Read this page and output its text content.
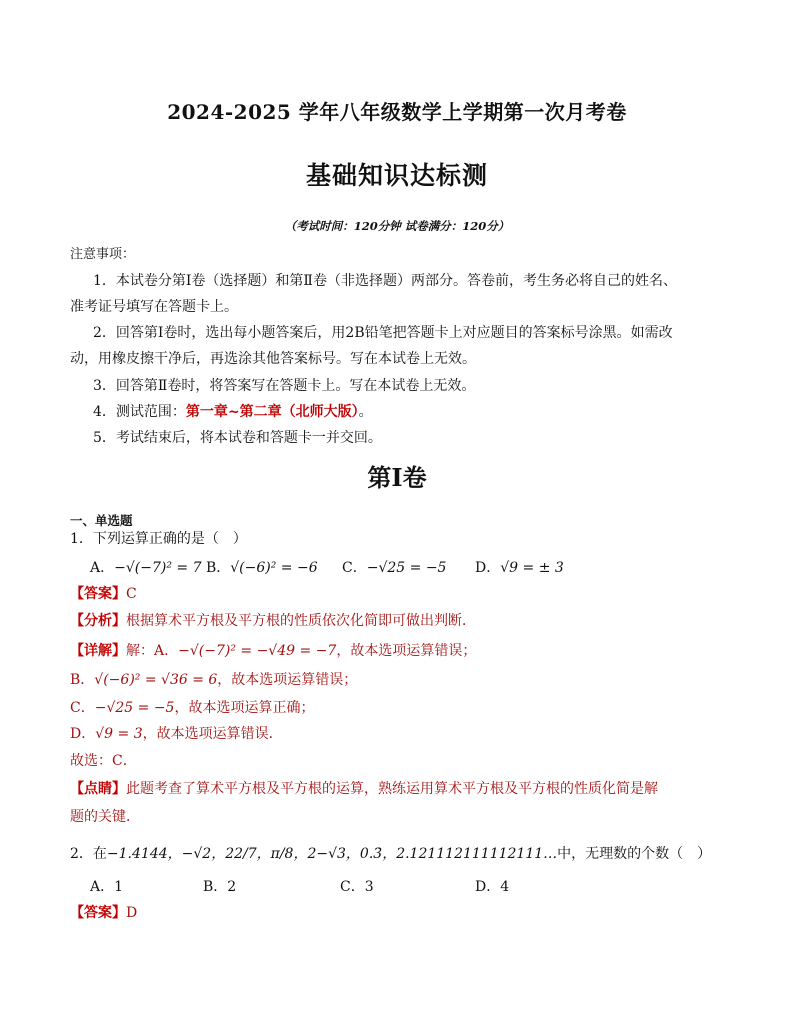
2024-2025 学年八年级数学上学期第一次月考卷
基础知识达标测
（考试时间：120分钟 试卷满分：120分）
注意事项：
1．本试卷分第Ⅰ卷（选择题）和第Ⅱ卷（非选择题）两部分。答卷前，考生务必将自己的姓名、
准考证号填写在答题卡上。
2．回答第Ⅰ卷时，选出每小题答案后，用2B铅笔把答题卡上对应题目的答案标号涂黑。如需改
动，用橡皮擦干净后，再选涂其他答案标号。写在本试卷上无效。
3．回答第Ⅱ卷时，将答案写在答题卡上。写在本试卷上无效。
4．测试范围：第一章~第二章（北师大版）。
5．考试结束后，将本试卷和答题卡一并交回。
第Ⅰ卷
一、单选题
1．下列运算正确的是（　）
A．−√(−7)² = 7 B．√(−6)² = −6 C．−√25 = −5 D．√9 = ± 3
【答案】C
【分析】根据算术平方根及平方根的性质依次化简即可做出判断．
【详解】解：A．−√(−7)² = −√49 = −7，故本选项运算错误；
B．√(−6)² = √36 = 6，故本选项运算错误；
C．−√25 = −5，故本选项运算正确；
D．√9 = 3，故本选项运算错误．
故选：C．
【点睛】此题考查了算术平方根及平方根的运算，熟练运用算术平方根及平方根的性质化简是解
题的关键．
2．在−1.4144，−√2，22/7，π/8，2−√3，0.3̇，2.121112111112111…中，无理数的个数（　）
A．1	B．2	C．3	D．4
【答案】D
